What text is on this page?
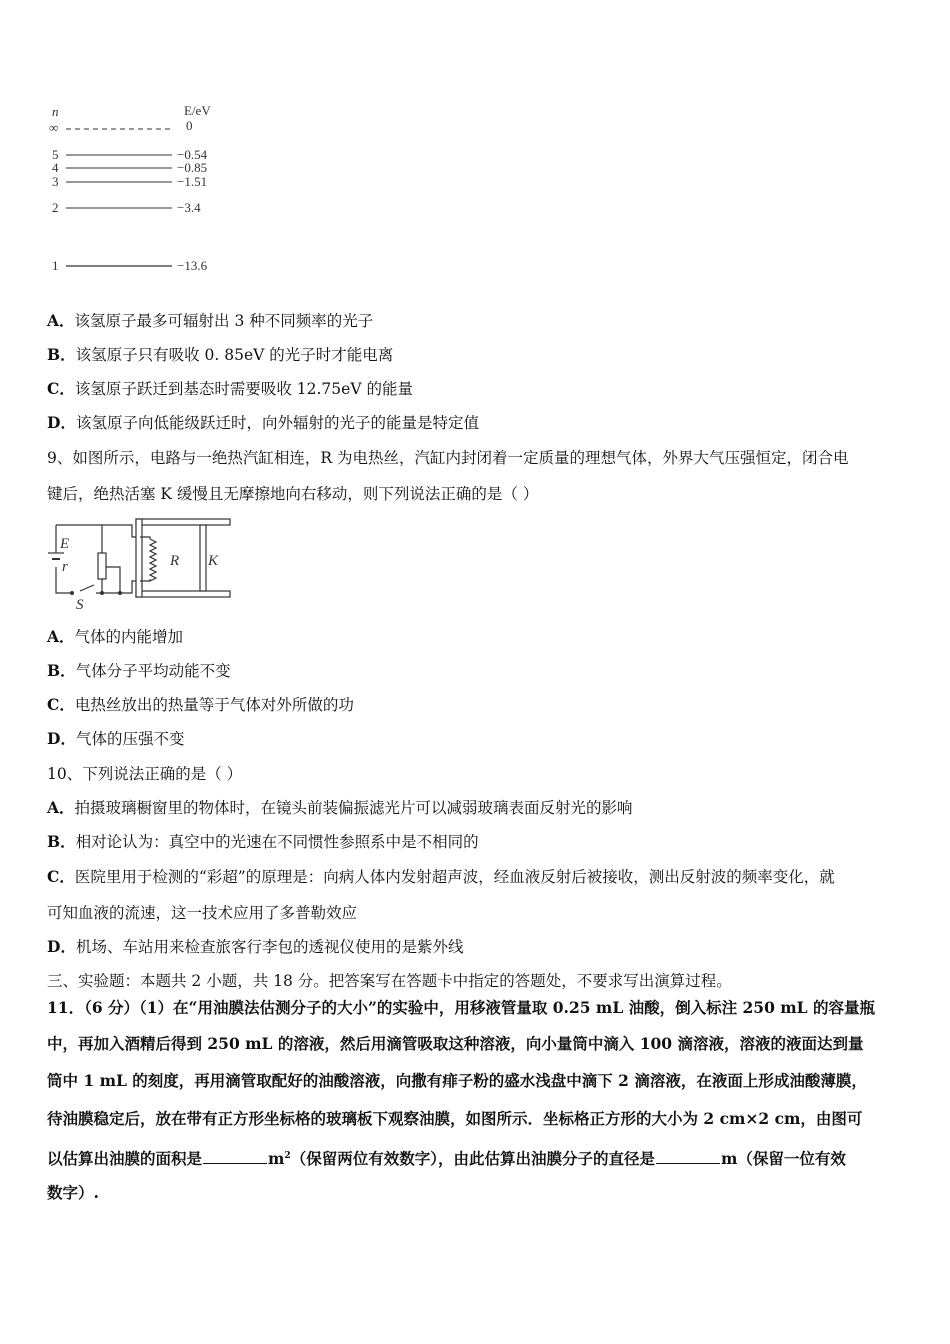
n	E/eV
∞	0
5	−0.54
4	−0.85
3	−1.51
2	−3.4
1	−13.6
A．该氢原子最多可辐射出 3 种不同频率的光子
B．该氢原子只有吸收 0. 85eV 的光子时才能电离
C．该氢原子跃迁到基态时需要吸收 12.75eV 的能量
D．该氢原子向低能级跃迁时，向外辐射的光子的能量是特定值
9、如图所示，电路与一绝热汽缸相连，R 为电热丝，汽缸内封闭着一定质量的理想气体，外界大气压强恒定，闭合电
键后，绝热活塞 K 缓慢且无摩擦地向右移动，则下列说法正确的是（ ）
E
r	R K
S
A．气体的内能增加
B．气体分子平均动能不变
C．电热丝放出的热量等于气体对外所做的功
D．气体的压强不变
10、下列说法正确的是（ ）
A．拍摄玻璃橱窗里的物体时，在镜头前装偏振滤光片可以减弱玻璃表面反射光的影响
B．相对论认为：真空中的光速在不同惯性参照系中是不相同的
C．医院里用于检测的“彩超”的原理是：向病人体内发射超声波，经血液反射后被接收，测出反射波的频率变化，就
可知血液的流速，这一技术应用了多普勒效应
D．机场、车站用来检查旅客行李包的透视仪使用的是紫外线
三、实验题：本题共 2 小题，共 18 分。把答案写在答题卡中指定的答题处，不要求写出演算过程。
11．（6 分）（1）在“用油膜法估测分子的大小”的实验中，用移液管量取 0.25 mL 油酸，倒入标注 250 mL 的容量瓶
中，再加入酒精后得到 250 mL 的溶液，然后用滴管吸取这种溶液，向小量筒中滴入 100 滴溶液，溶液的液面达到量
筒中 1 mL 的刻度，再用滴管取配好的油酸溶液，向撒有痱子粉的盛水浅盘中滴下 2 滴溶液，在液面上形成油酸薄膜，
待油膜稳定后，放在带有正方形坐标格的玻璃板下观察油膜，如图所示．坐标格正方形的大小为 2 cm×2 cm，由图可
以估算出油膜的面积是	$m^2$（保留两位有效数字），由此估算出油膜分子的直径是	m（保留一位有效
数字）.
